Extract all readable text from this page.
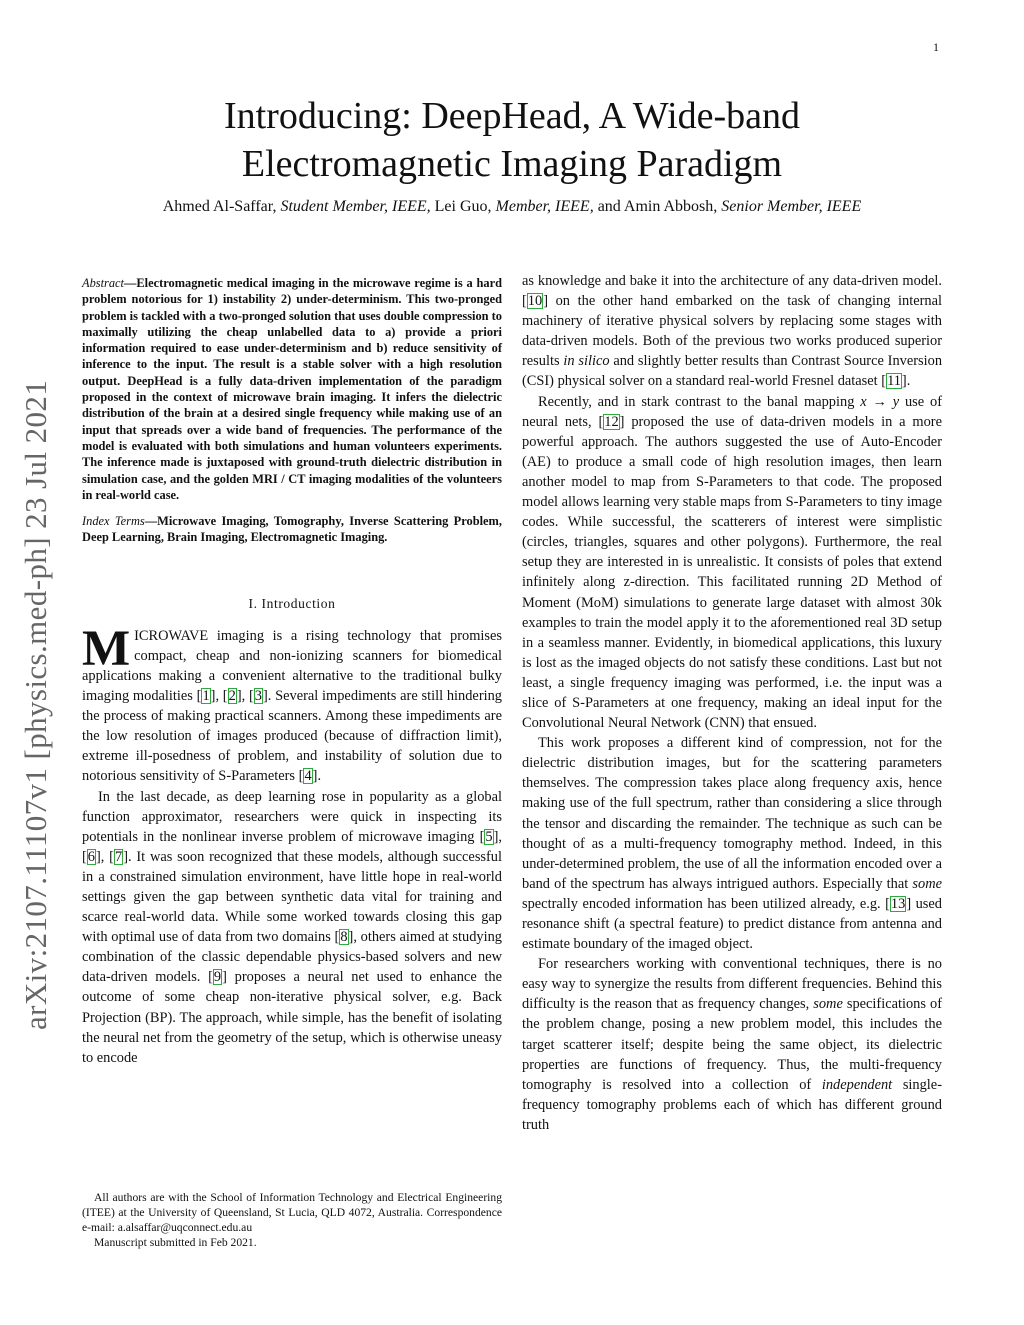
1
arXiv:2107.11107v1 [physics.med-ph] 23 Jul 2021
Introducing: DeepHead, A Wide-band
Electromagnetic Imaging Paradigm
Ahmed Al-Saffar, Student Member, IEEE, Lei Guo, Member, IEEE, and Amin Abbosh, Senior Member, IEEE

Abstract—Electromagnetic medical imaging in the microwave regime is a hard problem notorious for 1) instability 2) under-determinism. This two-pronged problem is tackled with a two-pronged solution that uses double compression to maximally utilizing the cheap unlabelled data to a) provide a priori information required to ease under-determinism and b) reduce sensitivity of inference to the input. The result is a stable solver with a high resolution output. DeepHead is a fully data-driven implementation of the paradigm proposed in the context of microwave brain imaging. It infers the dielectric distribution of the brain at a desired single frequency while making use of an input that spreads over a wide band of frequencies. The performance of the model is evaluated with both simulations and human volunteers experiments. The inference made is juxtaposed with ground-truth dielectric distribution in simulation case, and the golden MRI / CT imaging modalities of the volunteers in real-world case.

Index Terms—Microwave Imaging, Tomography, Inverse Scattering Problem, Deep Learning, Brain Imaging, Electromagnetic Imaging.

I. Introduction

MICROWAVE imaging is a rising technology that promises compact, cheap and non-ionizing scanners for biomedical applications making a convenient alternative to the traditional bulky imaging modalities [1], [2], [3]. Several impediments are still hindering the process of making practical scanners. Among these impediments are the low resolution of images produced (because of diffraction limit), extreme ill-posedness of problem, and instability of solution due to notorious sensitivity of S-Parameters [4].

In the last decade, as deep learning rose in popularity as a global function approximator, researchers were quick in inspecting its potentials in the nonlinear inverse problem of microwave imaging [5], [6], [7]. It was soon recognized that these models, although successful in a constrained simulation environment, have little hope in real-world settings given the gap between synthetic data vital for training and scarce real-world data. While some worked towards closing this gap with optimal use of data from two domains [8], others aimed at studying combination of the classic dependable physics-based solvers and new data-driven models. [9] proposes a neural net used to enhance the outcome of some cheap non-iterative physical solver, e.g. Back Projection (BP). The approach, while simple, has the benefit of isolating the neural net from the geometry of the setup, which is otherwise uneasy to encode

as knowledge and bake it into the architecture of any data-driven model. [10] on the other hand embarked on the task of changing internal machinery of iterative physical solvers by replacing some stages with data-driven models. Both of the previous two works produced superior results in silico and slightly better results than Contrast Source Inversion (CSI) physical solver on a standard real-world Fresnel dataset [11].

Recently, and in stark contrast to the banal mapping x → y use of neural nets, [12] proposed the use of data-driven models in a more powerful approach. The authors suggested the use of Auto-Encoder (AE) to produce a small code of high resolution images, then learn another model to map from S-Parameters to that code. The proposed model allows learning very stable maps from S-Parameters to tiny image codes. While successful, the scatterers of interest were simplistic (circles, triangles, squares and other polygons). Furthermore, the real setup they are interested in is unrealistic. It consists of poles that extend infinitely along z-direction. This facilitated running 2D Method of Moment (MoM) simulations to generate large dataset with almost 30k examples to train the model apply it to the aforementioned real 3D setup in a seamless manner. Evidently, in biomedical applications, this luxury is lost as the imaged objects do not satisfy these conditions. Last but not least, a single frequency imaging was performed, i.e. the input was a slice of S-Parameters at one frequency, making an ideal input for the Convolutional Neural Network (CNN) that ensued.

This work proposes a different kind of compression, not for the dielectric distribution images, but for the scattering parameters themselves. The compression takes place along frequency axis, hence making use of the full spectrum, rather than considering a slice through the tensor and discarding the remainder. The technique as such can be thought of as a multi-frequency tomography method. Indeed, in this under-determined problem, the use of all the information encoded over a band of the spectrum has always intrigued authors. Especially that some spectrally encoded information has been utilized already, e.g. [13] used resonance shift (a spectral feature) to predict distance from antenna and estimate boundary of the imaged object.

For researchers working with conventional techniques, there is no easy way to synergize the results from different frequencies. Behind this difficulty is the reason that as frequency changes, some specifications of the problem change, posing a new problem model, this includes the target scatterer itself; despite being the same object, its dielectric properties are functions of frequency. Thus, the multi-frequency tomography is resolved into a collection of independent single-frequency tomography problems each of which has different ground truth

All authors are with the School of Information Technology and Electrical Engineering (ITEE) at the University of Queensland, St Lucia, QLD 4072, Australia. Correspondence e-mail: a.alsaffar@uqconnect.edu.au

Manuscript submitted in Feb 2021.
